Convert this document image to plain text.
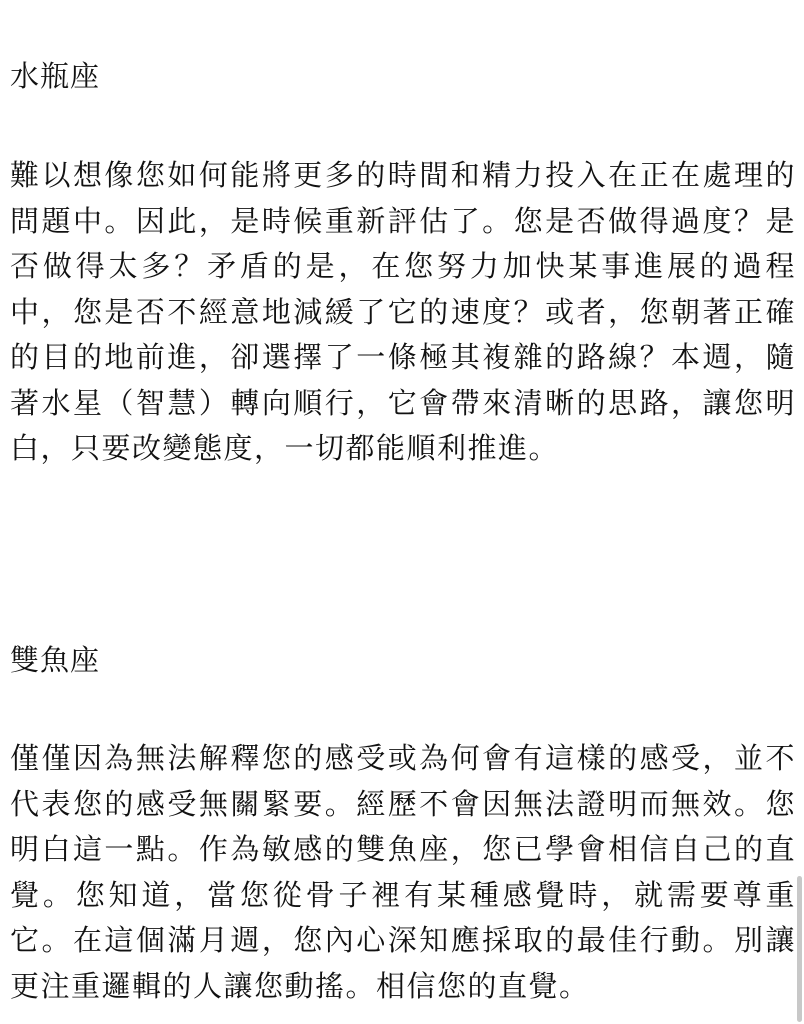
水瓶座

難以想像您如何能將更多的時間和精力投入在正在處理的問題中。因此，是時候重新評估了。您是否做得過度？是否做得太多？矛盾的是，在您努力加快某事進展的過程中，您是否不經意地減緩了它的速度？或者，您朝著正確的目的地前進，卻選擇了一條極其複雜的路線？本週，隨著水星（智慧）轉向順行，它會帶來清晰的思路，讓您明白，只要改變態度，一切都能順利推進。

雙魚座

僅僅因為無法解釋您的感受或為何會有這樣的感受，並不代表您的感受無關緊要。經歷不會因無法證明而無效。您明白這一點。作為敏感的雙魚座，您已學會相信自己的直覺。您知道，當您從骨子裡有某種感覺時，就需要尊重它。在這個滿月週，您內心深知應採取的最佳行動。別讓更注重邏輯的人讓您動搖。相信您的直覺。
